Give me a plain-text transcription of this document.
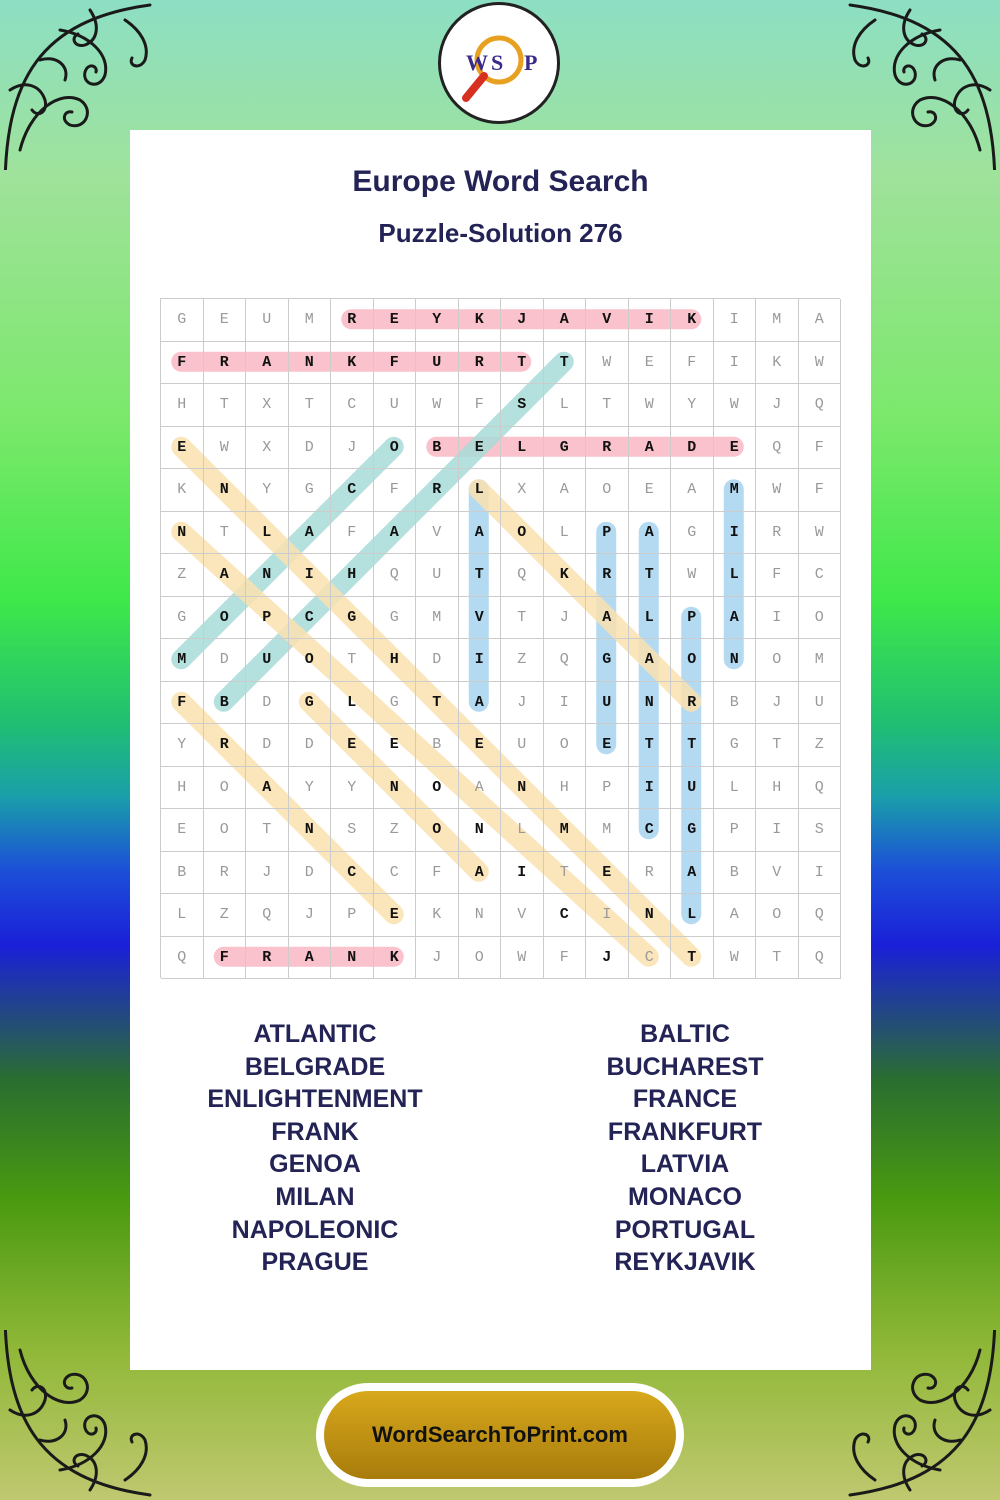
W S P
Europe Word Search
Puzzle-Solution 276
G	E	U	M	R	E	Y	K	J	A	V	I	K	I	M	A
F	R	A	N	K	F	U	R	T	T	W	E	F	I	K	W
H	T	X	T	C	U	W	F	S	L	T	W	Y	W	J	Q
E	W	X	D	J	O	B	E	L	G	R	A	D	E	Q	F
K	N	Y	G	C	F	R	L	X	A	O	E	A	M	W	F
N	T	L	A	F	A	V	A	O	L	P	A	G	I	R	W
Z	A	N	I	H	Q	U	T	Q	K	R	T	W	L	F	C
G	O	P	C	G	G	M	V	T	J	A	L	P	A	I	O
M	D	U	O	T	H	D	I	Z	Q	G	A	O	N	O	M
F	B	D	G	L	G	T	A	J	I	U	N	R	B	J	U
Y	R	D	D	E	E	B	E	U	O	E	T	T	G	T	Z
H	O	A	Y	Y	N	O	A	N	H	P	I	U	L	H	Q
E	O	T	N	S	Z	O	N	L	M	M	C	G	P	I	S
B	R	J	D	C	C	F	A	I	T	E	R	A	B	V	I
L	Z	Q	J	P	E	K	N	V	C	I	N	L	A	O	Q
Q	F	R	A	N	K	J	O	W	F	J	C	T	W	T	Q
ATLANTIC
BELGRADE
ENLIGHTENMENT
FRANK
GENOA
MILAN
NAPOLEONIC
PRAGUE
BALTIC
BUCHAREST
FRANCE
FRANKFURT
LATVIA
MONACO
PORTUGAL
REYKJAVIK
WordSearchToPrint.com
